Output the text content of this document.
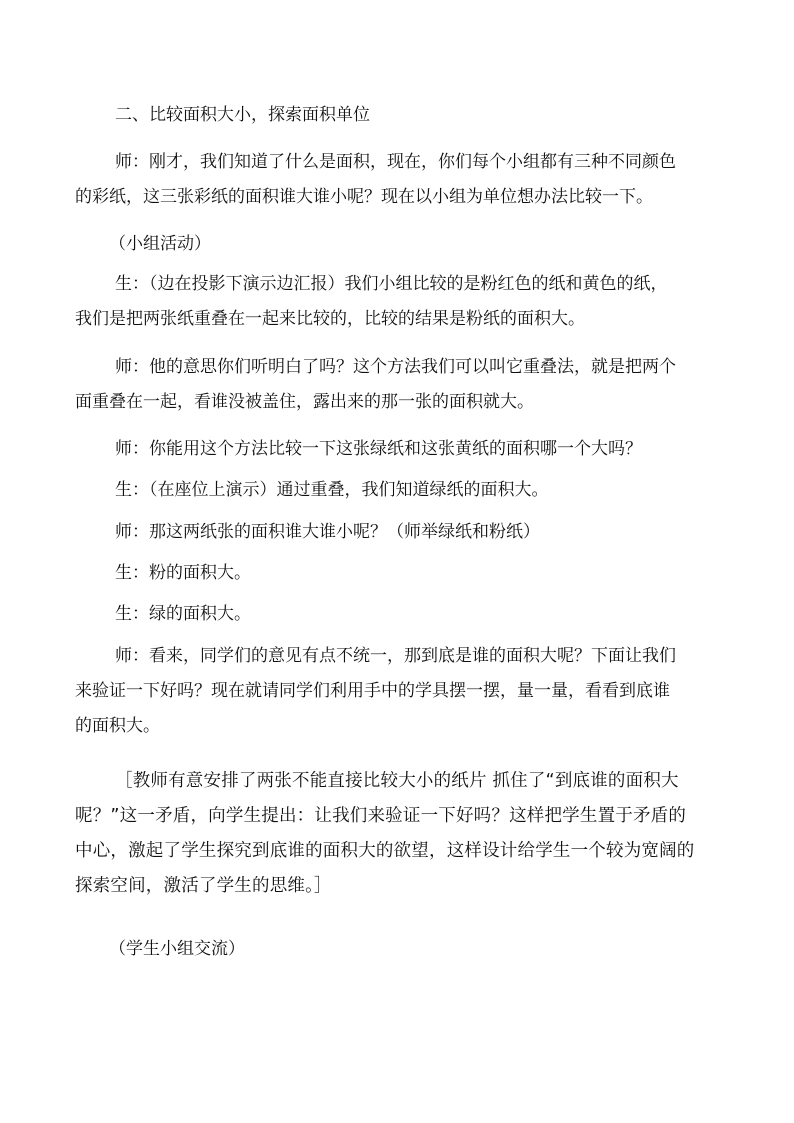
二、比较面积大小，探索面积单位

师：刚才，我们知道了什么是面积，现在，你们每个小组都有三种不同颜色
的彩纸，这三张彩纸的面积谁大谁小呢？现在以小组为单位想办法比较一下。

（小组活动）

生：（边在投影下演示边汇报）我们小组比较的是粉红色的纸和黄色的纸，
我们是把两张纸重叠在一起来比较的，比较的结果是粉纸的面积大。

师：他的意思你们听明白了吗？这个方法我们可以叫它重叠法，就是把两个
面重叠在一起，看谁没被盖住，露出来的那一张的面积就大。

师：你能用这个方法比较一下这张绿纸和这张黄纸的面积哪一个大吗？

生：（在座位上演示）通过重叠，我们知道绿纸的面积大。

师：那这两纸张的面积谁大谁小呢？（师举绿纸和粉纸）

生：粉的面积大。

生：绿的面积大。

师：看来，同学们的意见有点不统一，那到底是谁的面积大呢？下面让我们
来验证一下好吗？现在就请同学们利用手中的学具摆一摆，量一量，看看到底谁
的面积大。

［教师有意安排了两张不能直接比较大小的纸片 抓住了“到底谁的面积大
呢？”这一矛盾，向学生提出：让我们来验证一下好吗？这样把学生置于矛盾的
中心，激起了学生探究到底谁的面积大的欲望，这样设计给学生一个较为宽阔的
探索空间，激活了学生的思维。］

（学生小组交流）
